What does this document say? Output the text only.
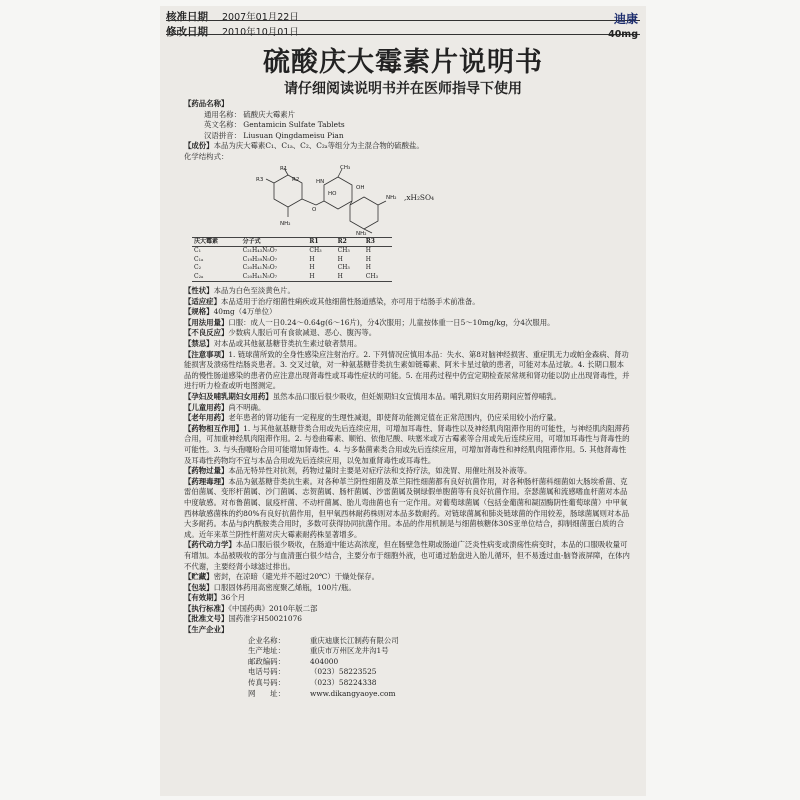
核准日期 2007年01月22日
修改日期 2010年10月01日
迪康
40mg
硫酸庆大霉素片说明书
请仔细阅读说明书并在医师指导下使用
【药品名称】
通用名称： 硫酸庆大霉素片
英文名称： Gentamicin Sulfate Tablets
汉语拼音： Liusuan Qingdameisu Pian
【成份】本品为庆大霉素C₁、C₁ₐ、C₂、C₂ₐ等组分为主混合物的硫酸盐。
化学结构式：
R1
R3	R2
NH₂
HN
CH₃
HO
OH
O
NH₂
NH₂
,xH₂SO₄
庆大霉素	分子式	R1	R2	R3
C₁	C₂₁H₄₃N₅O₇	CH₃	CH₃	H
C₁ₐ	C₁₉H₃₉N₅O₇	H	H	H
C₂	C₂₀H₄₁N₅O₇	H	CH₃	H
C₂ₐ	C₂₀H₄₁N₅O₇	H	H	CH₃
【性状】本品为白色至淡黄色片。
【适应症】本品适用于治疗细菌性痢疾或其他细菌性肠道感染，亦可用于结肠手术前准备。
【规格】40mg（4万单位）
【用法用量】口服：成人一日0.24～0.64g(6～16片)，分4次服用；儿童按体重一日5～10mg/kg，分4次服用。
【不良反应】少数病人服后可有食欲减退、恶心、腹泻等。
【禁忌】对本品或其他氨基糖苷类抗生素过敏者禁用。
【注意事项】1. 链球菌所致的全身性感染应注射治疗。2. 下列情况应慎用本品：失水、第8对脑神经损害、重症肌无力或帕金森病、肾功能损害及溃疡性结肠炎患者。3. 交叉过敏，对一种氨基糖苷类抗生素如链霉素、阿米卡星过敏的患者，可能对本品过敏。4. 长期口服本品的慢性肠道感染的患者仍应注意出现肾毒性或耳毒性症状的可能。5. 在用药过程中仍宜定期检查尿常规和肾功能以防止出现肾毒性，并进行听力检查或听电图测定。
【孕妇及哺乳期妇女用药】虽然本品口服后很少吸收，但妊娠期妇女宜慎用本品。哺乳期妇女用药期间应暂停哺乳。
【儿童用药】尚不明确。
【老年用药】老年患者的肾功能有一定程度的生理性减退，即使肾功能测定值在正常范围内，仍应采用较小治疗量。
【药物相互作用】1. 与其他氨基糖苷类合用或先后连续应用，可增加耳毒性、肾毒性以及神经肌肉阻滞作用的可能性，与神经肌肉阻滞药合用，可加重神经肌肉阻滞作用。2. 与卷曲霉素、顺铂、依他尼酸、呋塞米或万古霉素等合用或先后连续应用，可增加耳毒性与肾毒性的可能性。3. 与头孢噻吩合用可能增加肾毒性。4. 与多黏菌素类合用或先后连续应用，可增加肾毒性和神经肌肉阻滞作用。5. 其他肾毒性及耳毒性药物均不宜与本品合用或先后连续应用，以免加重肾毒性或耳毒性。
【药物过量】本品无特异性对抗剂，药物过量时主要是对症疗法和支持疗法，如洗胃、用催吐剂及补液等。
【药理毒理】本品为氨基糖苷类抗生素。对各种革兰阴性细菌及革兰阳性细菌都有良好抗菌作用，对各种肠杆菌科细菌如大肠埃希菌、克雷伯菌属、变形杆菌属、沙门菌属、志贺菌属、肠杆菌属、沙雷菌属及铜绿假单胞菌等有良好抗菌作用。奈瑟菌属和流感嗜血杆菌对本品中度敏感。对布鲁菌属、鼠疫杆菌、不动杆菌属、胎儿弯曲菌也有一定作用。对葡萄球菌属（包括金葡菌和凝固酶阴性葡萄球菌）中甲氧西林敏感菌株的约80%有良好抗菌作用，但甲氧西林耐药株则对本品多数耐药。对链球菌属和肺炎链球菌的作用较差，肠球菌属则对本品大多耐药。本品与β内酰胺类合用时，多数可获得协同抗菌作用。本品的作用机制是与细菌核糖体30S亚单位结合，抑制细菌蛋白质的合成。近年来革兰阴性杆菌对庆大霉素耐药株显著增多。
【药代动力学】本品口服后很少吸收，在肠道中能达高浓度，但在肠壁急性期或肠道广泛炎性病变或溃疡性病变时，本品的口服吸收量可有增加。本品被吸收的部分与血清蛋白很少结合，主要分布于细胞外液，也可通过胎盘进入胎儿循环，但不易透过血-脑脊液屏障，在体内不代谢，主要经肾小球滤过排出。
【贮藏】密封，在凉暗（避光并不超过20℃）干燥处保存。
【包装】口服固体药用高密度聚乙烯瓶，100片/瓶。
【有效期】36个月
【执行标准】《中国药典》2010年版二部
【批准文号】国药准字H50021076
【生产企业】
企业名称：	重庆迪康长江制药有限公司
生产地址：	重庆市万州区龙井沟1号
邮政编码：	404000
电话号码：	（023）58223525
传真号码：	（023）58224338
网　　址：	www.dikangyaoye.com
